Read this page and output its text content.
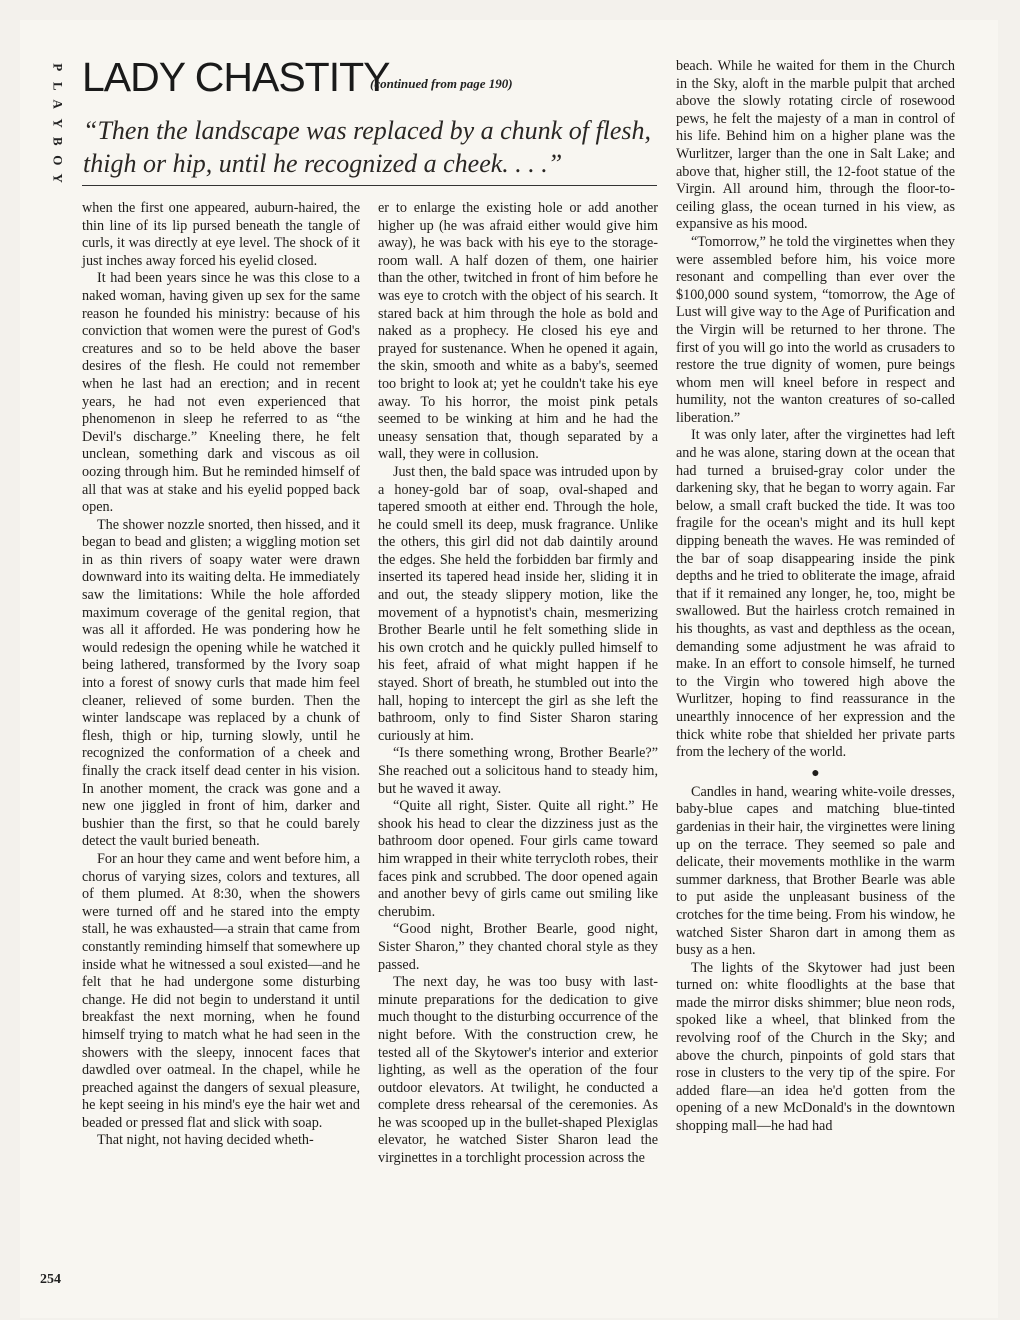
P
L
A
Y
B
O
Y
LADY CHASTITY
(continued from page 190)

“Then the landscape was replaced by a chunk of flesh, thigh or hip, until he recognized a cheek. . . .”

when the first one appeared, auburn-haired, the thin line of its lip pursed beneath the tangle of curls, it was directly at eye level. The shock of it just inches away forced his eyelid closed.

It had been years since he was this close to a naked woman, having given up sex for the same reason he founded his ministry: because of his conviction that women were the purest of God's creatures and so to be held above the baser desires of the flesh. He could not remember when he last had an erection; and in recent years, he had not even experienced that phenomenon in sleep he referred to as “the Devil's discharge.” Kneeling there, he felt unclean, something dark and viscous as oil oozing through him. But he reminded himself of all that was at stake and his eyelid popped back open.

The shower nozzle snorted, then hissed, and it began to bead and glisten; a wiggling motion set in as thin rivers of soapy water were drawn downward into its waiting delta. He immediately saw the limitations: While the hole afforded maximum coverage of the genital region, that was all it afforded. He was pondering how he would redesign the opening while he watched it being lathered, transformed by the Ivory soap into a forest of snowy curls that made him feel cleaner, relieved of some burden. Then the winter landscape was replaced by a chunk of flesh, thigh or hip, turning slowly, until he recognized the conformation of a cheek and finally the crack itself dead center in his vision. In another moment, the crack was gone and a new one jiggled in front of him, darker and bushier than the first, so that he could barely detect the vault buried beneath.

For an hour they came and went before him, a chorus of varying sizes, colors and textures, all of them plumed. At 8:30, when the showers were turned off and he stared into the empty stall, he was exhausted—a strain that came from constantly reminding himself that somewhere up inside what he witnessed a soul existed—and he felt that he had undergone some disturbing change. He did not begin to understand it until breakfast the next morning, when he found himself trying to match what he had seen in the showers with the sleepy, innocent faces that dawdled over oatmeal. In the chapel, while he preached against the dangers of sexual pleasure, he kept seeing in his mind's eye the hair wet and beaded or pressed flat and slick with soap.

That night, not having decided wheth-

er to enlarge the existing hole or add another higher up (he was afraid either would give him away), he was back with his eye to the storage-room wall. A half dozen of them, one hairier than the other, twitched in front of him before he was eye to crotch with the object of his search. It stared back at him through the hole as bold and naked as a prophecy. He closed his eye and prayed for sustenance. When he opened it again, the skin, smooth and white as a baby's, seemed too bright to look at; yet he couldn't take his eye away. To his horror, the moist pink petals seemed to be winking at him and he had the uneasy sensation that, though separated by a wall, they were in collusion.

Just then, the bald space was intruded upon by a honey-gold bar of soap, oval-shaped and tapered smooth at either end. Through the hole, he could smell its deep, musk fragrance. Unlike the others, this girl did not dab daintily around the edges. She held the forbidden bar firmly and inserted its tapered head inside her, sliding it in and out, the steady slippery motion, like the movement of a hypnotist's chain, mesmerizing Brother Bearle until he felt something slide in his own crotch and he quickly pulled himself to his feet, afraid of what might happen if he stayed. Short of breath, he stumbled out into the hall, hoping to intercept the girl as she left the bathroom, only to find Sister Sharon staring curiously at him.

“Is there something wrong, Brother Bearle?” She reached out a solicitous hand to steady him, but he waved it away.

“Quite all right, Sister. Quite all right.” He shook his head to clear the dizziness just as the bathroom door opened. Four girls came toward him wrapped in their white terrycloth robes, their faces pink and scrubbed. The door opened again and another bevy of girls came out smiling like cherubim.

“Good night, Brother Bearle, good night, Sister Sharon,” they chanted choral style as they passed.

The next day, he was too busy with last-minute preparations for the dedication to give much thought to the disturbing occurrence of the night before. With the construction crew, he tested all of the Skytower's interior and exterior lighting, as well as the operation of the four outdoor elevators. At twilight, he conducted a complete dress rehearsal of the ceremonies. As he was scooped up in the bullet-shaped Plexiglas elevator, he watched Sister Sharon lead the virginettes in a torchlight procession across the

beach. While he waited for them in the Church in the Sky, aloft in the marble pulpit that arched above the slowly rotating circle of rosewood pews, he felt the majesty of a man in control of his life. Behind him on a higher plane was the Wurlitzer, larger than the one in Salt Lake; and above that, higher still, the 12-foot statue of the Virgin. All around him, through the floor-to-ceiling glass, the ocean turned in his view, as expansive as his mood.

“Tomorrow,” he told the virginettes when they were assembled before him, his voice more resonant and compelling than ever over the $100,000 sound system, “tomorrow, the Age of Lust will give way to the Age of Purification and the Virgin will be returned to her throne. The first of you will go into the world as crusaders to restore the true dignity of women, pure beings whom men will kneel before in respect and humility, not the wanton creatures of so-called liberation.”

It was only later, after the virginettes had left and he was alone, staring down at the ocean that had turned a bruised-gray color under the darkening sky, that he began to worry again. Far below, a small craft bucked the tide. It was too fragile for the ocean's might and its hull kept dipping beneath the waves. He was reminded of the bar of soap disappearing inside the pink depths and he tried to obliterate the image, afraid that if it remained any longer, he, too, might be swallowed. But the hairless crotch remained in his thoughts, as vast and depthless as the ocean, demanding some adjustment he was afraid to make. In an effort to console himself, he turned to the Virgin who towered high above the Wurlitzer, hoping to find reassurance in the unearthly innocence of her expression and the thick white robe that shielded her private parts from the lechery of the world.

●

Candles in hand, wearing white-voile dresses, baby-blue capes and matching blue-tinted gardenias in their hair, the virginettes were lining up on the terrace. They seemed so pale and delicate, their movements mothlike in the warm summer darkness, that Brother Bearle was able to put aside the unpleasant business of the crotches for the time being. From his window, he watched Sister Sharon dart in among them as busy as a hen.

The lights of the Skytower had just been turned on: white floodlights at the base that made the mirror disks shimmer; blue neon rods, spoked like a wheel, that blinked from the revolving roof of the Church in the Sky; and above the church, pinpoints of gold stars that rose in clusters to the very tip of the spire. For added flare—an idea he'd gotten from the opening of a new McDonald's in the downtown shopping mall—he had had

254
